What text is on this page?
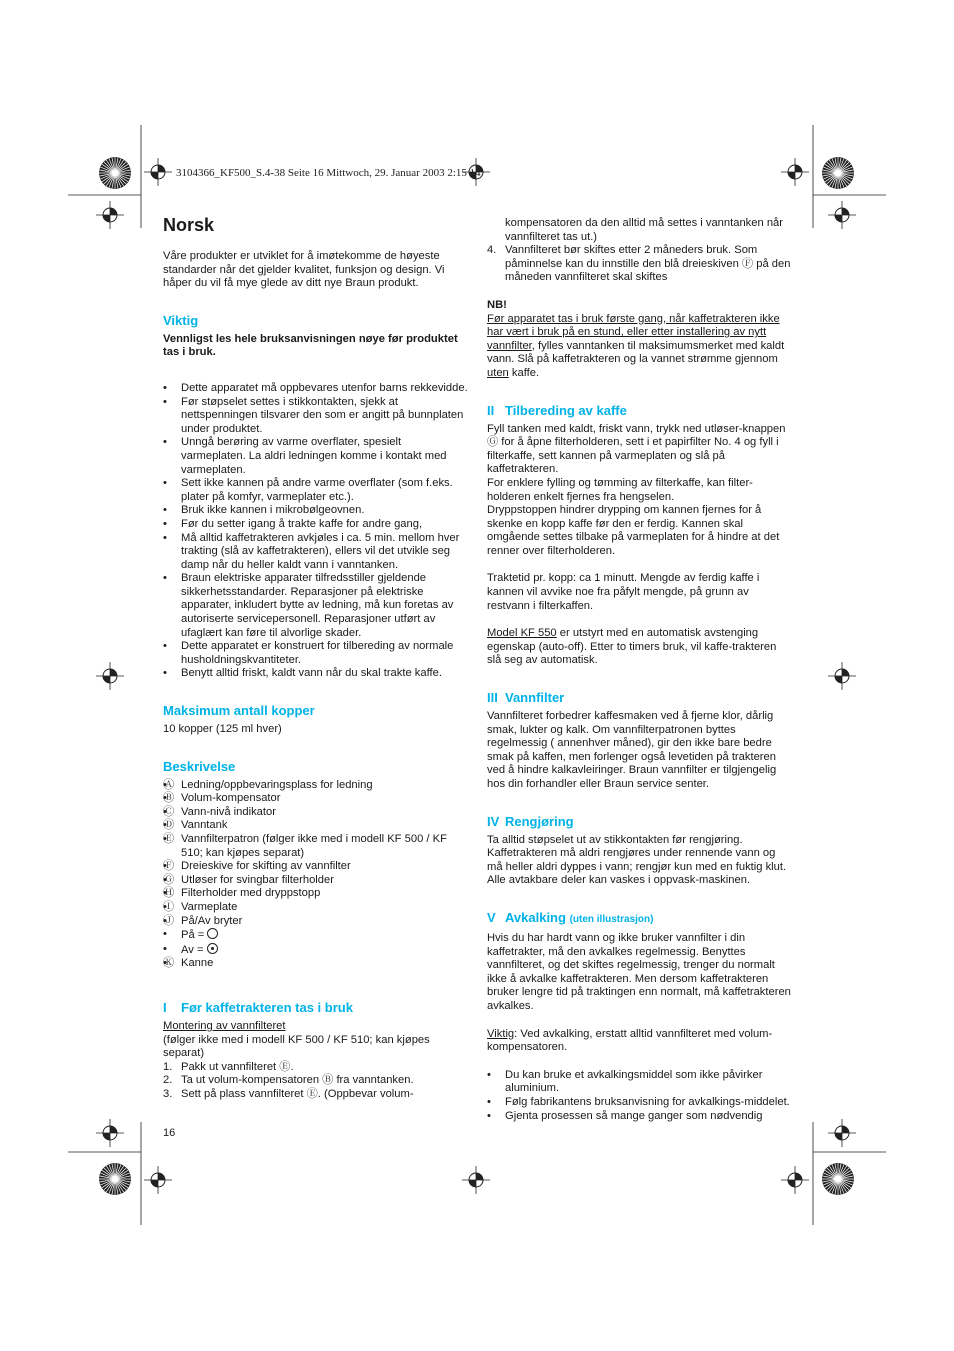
3104366_KF500_S.4-38 Seite 16 Mittwoch, 29. Januar 2003 2:15 14
Norsk

Våre produkter er utviklet for å imøtekomme de høyeste standarder når det gjelder kvalitet, funksjon og design. Vi håper du vil få mye glede av ditt nye Braun produkt.

Viktig

Vennligst les hele bruksanvisningen nøye før produktet tas i bruk.

• Dette apparatet må oppbevares utenfor barns rekkevidde.
• Før støpselet settes i stikkontakten, sjekk at nettspenningen tilsvarer den som er angitt på bunnplaten under produktet.
• Unngå berøring av varme overflater, spesielt varmeplaten. La aldri ledningen komme i kontakt med varmeplaten.
• Sett ikke kannen på andre varme overflater (som f.eks. plater på komfyr, varmeplater etc.).
• Bruk ikke kannen i mikrobølgeovnen.
• Før du setter igang å trakte kaffe for andre gang,
• Må alltid kaffetrakteren avkjøles i ca. 5 min. mellom hver trakting (slå av kaffetrakteren), ellers vil det utvikle seg damp når du heller kaldt vann i vanntanken.
• Braun elektriske apparater tilfredsstiller gjeldende sikkerhetsstandarder. Reparasjoner på elektriske apparater, inkludert bytte av ledning, må kun foretas av autoriserte servicepersonell. Reparasjoner utført av ufaglært kan føre til alvorlige skader.
• Dette apparatet er konstruert for tilbereding av normale husholdningskvantiteter.
• Benytt alltid friskt, kaldt vann når du skal trakte kaffe.
Maksimum antall kopper

10 kopper (125 ml hver)

Beskrivelse
• Ⓐ Ledning/oppbevaringsplass for ledning
• Ⓑ Volum-kompensator
• Ⓒ Vann-nivå indikator
• Ⓓ Vanntank
• Ⓔ Vannfilterpatron (følger ikke med i modell KF 500 / KF 510; kan kjøpes separat)
• Ⓕ Dreieskive for skifting av vannfilter
• Ⓖ Utløser for svingbar filterholder
• Ⓗ Filterholder med dryppstopp
• Ⓘ Varmeplate
• Ⓙ På/Av bryter
• På =
• Av =
• Ⓚ Kanne
I Før kaffetrakteren tas i bruk

Montering av vannfilteret

(følger ikke med i modell KF 500 / KF 510; kan kjøpes separat)

1. Pakk ut vannfilteret Ⓔ.
2. Ta ut volum-kompensatoren Ⓑ fra vanntanken.
3. Sett på plass vannfilteret Ⓔ. (Oppbevar volum-

kompensatoren da den alltid må settes i vanntanken når vannfilteret tas ut.)

4. Vannfilteret bør skiftes etter 2 måneders bruk. Som påminnelse kan du innstille den blå dreieskiven Ⓕ på den måneden vannfilteret skal skiftes

NB!

Før apparatet tas i bruk første gang, når kaffetrakteren ikke har vært i bruk på en stund, eller etter installering av nytt vannfilter, fylles vanntanken til maksimumsmerket med kaldt vann. Slå på kaffetrakteren og la vannet strømme gjennom uten kaffe.

II Tilbereding av kaffe

Fyll tanken med kaldt, friskt vann, trykk ned utløser-knappen Ⓖ for å åpne filterholderen, sett i et papirfilter No. 4 og fyll i filterkaffe, sett kannen på varmeplaten og slå på kaffetrakteren.

For enklere fylling og tømming av filterkaffe, kan filter-holderen enkelt fjernes fra hengselen.

Dryppstoppen hindrer drypping om kannen fjernes for å skenke en kopp kaffe før den er ferdig. Kannen skal omgående settes tilbake på varmeplaten for å hindre at det renner over filterholderen.

Traktetid pr. kopp: ca 1 minutt. Mengde av ferdig kaffe i kannen vil avvike noe fra påfylt mengde, på grunn av restvann i filterkaffen.

Model KF 550 er utstyrt med en automatisk avstenging egenskap (auto-off). Etter to timers bruk, vil kaffe-trakteren slå seg av automatisk.

III Vannfilter

Vannfilteret forbedrer kaffesmaken ved å fjerne klor, dårlig smak, lukter og kalk. Om vannfilterpatronen byttes regelmessig ( annenhver måned), gir den ikke bare bedre smak på kaffen, men forlenger også levetiden på trakteren ved å hindre kalkavleiringer. Braun vannfilter er tilgjengelig hos din forhandler eller Braun service senter.

IV Rengjøring

Ta alltid støpselet ut av stikkontakten før rengjøring. Kaffetrakteren må aldri rengjøres under rennende vann og må heller aldri dyppes i vann; rengjør kun med en fuktig klut. Alle avtakbare deler kan vaskes i oppvask-maskinen.

V Avkalking (uten illustrasjon)

Hvis du har hardt vann og ikke bruker vannfilter i din kaffetrakter, må den avkalkes regelmessig. Benyttes vannfilteret, og det skiftes regelmessig, trenger du normalt ikke å avkalke kaffetrakteren. Men dersom kaffetrakteren bruker lengre tid på traktingen enn normalt, må kaffetrakteren avkalkes.

Viktig: Ved avkalking, erstatt alltid vannfilteret med volum-kompensatoren.

• Du kan bruke et avkalkingsmiddel som ikke påvirker aluminium.
• Følg fabrikantens bruksanvisning for avkalkings-middelet.
• Gjenta prosessen så mange ganger som nødvendig
16
